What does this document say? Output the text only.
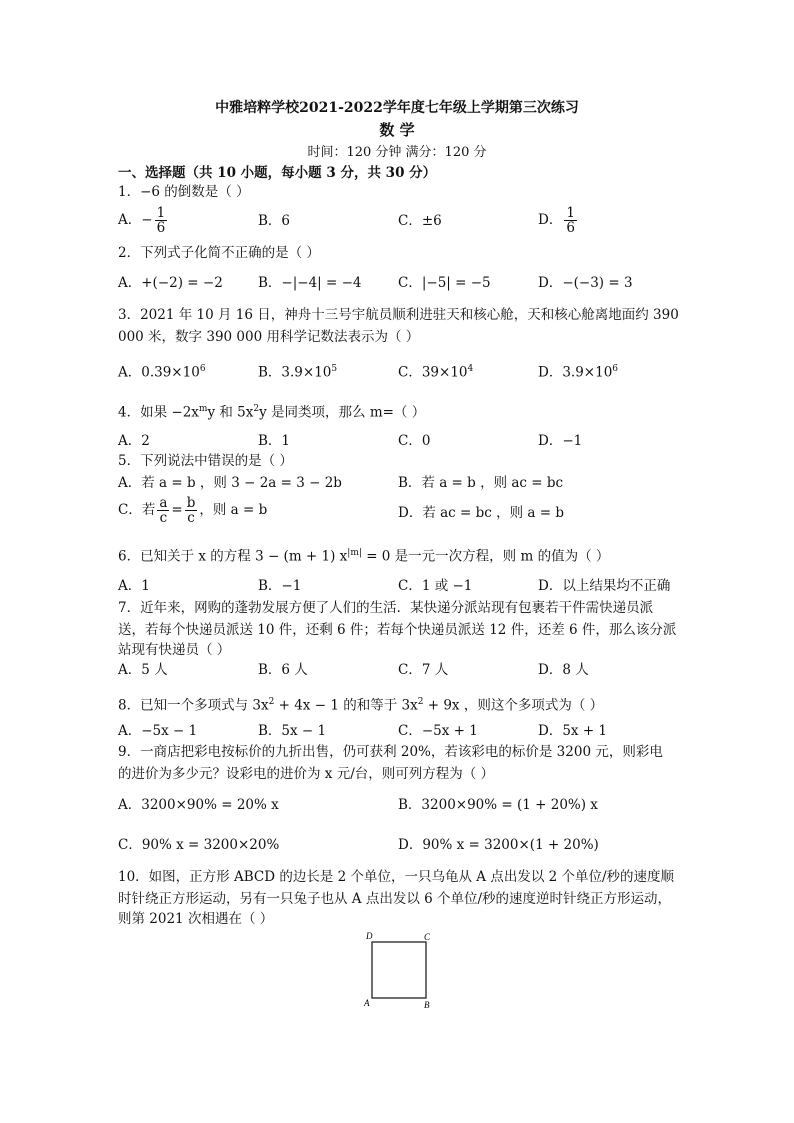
中雅培粹学校2021-2022学年度七年级上学期第三次练习
数 学
时间：120 分钟 满分：120 分
一、选择题（共 10 小题，每小题 3 分，共 30 分）
1．−6 的倒数是（ ）
A．− $\frac{1}{6}$	B．6	C．±6	D． $\frac{1}{6}$
2．下列式子化简不正确的是（ ）
A．+(−2) = −2	B．−|−4| = −4	C．|−5| = −5	D．−(−3) = 3
3．2021 年 10 月 16 日，神舟十三号宇航员顺利进驻天和核心舱，天和核心舱离地面约 390
000 米，数字 390 000 用科学记数法表示为（ ）
A．$0.39\times 10^6$	B．$3.9\times 10^5$	C．$39\times 10^4$	D．$3.9\times 10^6$
4．如果 $-2x^my$ 和 $5x^2y$ 是同类项，那么 m=（ ）
A．2	B．1	C．0	D．−1
5．下列说法中错误的是（ ）
A．若 a = b ，则 3 − 2a = 3 − 2b	B．若 a = b ，则 ac = bc
C．若 $\frac{a}{c} = \frac{b}{c}$ ，则 a = b	D．若 ac = bc ，则 a = b
6．已知关于 x 的方程 3 − (m + 1) $x^{|m|} = 0$ 是一元一次方程，则 m 的值为（ ）
A．1	B．−1	C．1 或 −1	D．以上结果均不正确
7．近年来，网购的蓬勃发展方便了人们的生活．某快递分派站现有包裹若干件需快递员派
送，若每个快递员派送 10 件，还剩 6 件；若每个快递员派送 12 件，还差 6 件，那么该分派
站现有快递员（ ）
A．5 人	B．6 人	C．7 人	D．8 人
8．已知一个多项式与 $3x^2 + 4x - 1$ 的和等于 $3x^2 + 9x$ ，则这个多项式为（ ）
A．−5x − 1	B．5x − 1	C．−5x + 1	D．5x + 1
9．一商店把彩电按标价的九折出售，仍可获利 20%，若该彩电的标价是 3200 元，则彩电
的进价为多少元？设彩电的进价为 x 元/台，则可列方程为（ ）
A．3200×90% = 20% x	B．3200×90% = (1 + 20%) x
C．90% x = 3200×20%	D．90% x = 3200×(1 + 20%)
10．如图，正方形 ABCD 的边长是 2 个单位，一只乌龟从 A 点出发以 2 个单位/秒的速度顺
时针绕正方形运动，另有一只兔子也从 A 点出发以 6 个单位/秒的速度逆时针绕正方形运动，
则第 2021 次相遇在（ ）
D	C
A	B
